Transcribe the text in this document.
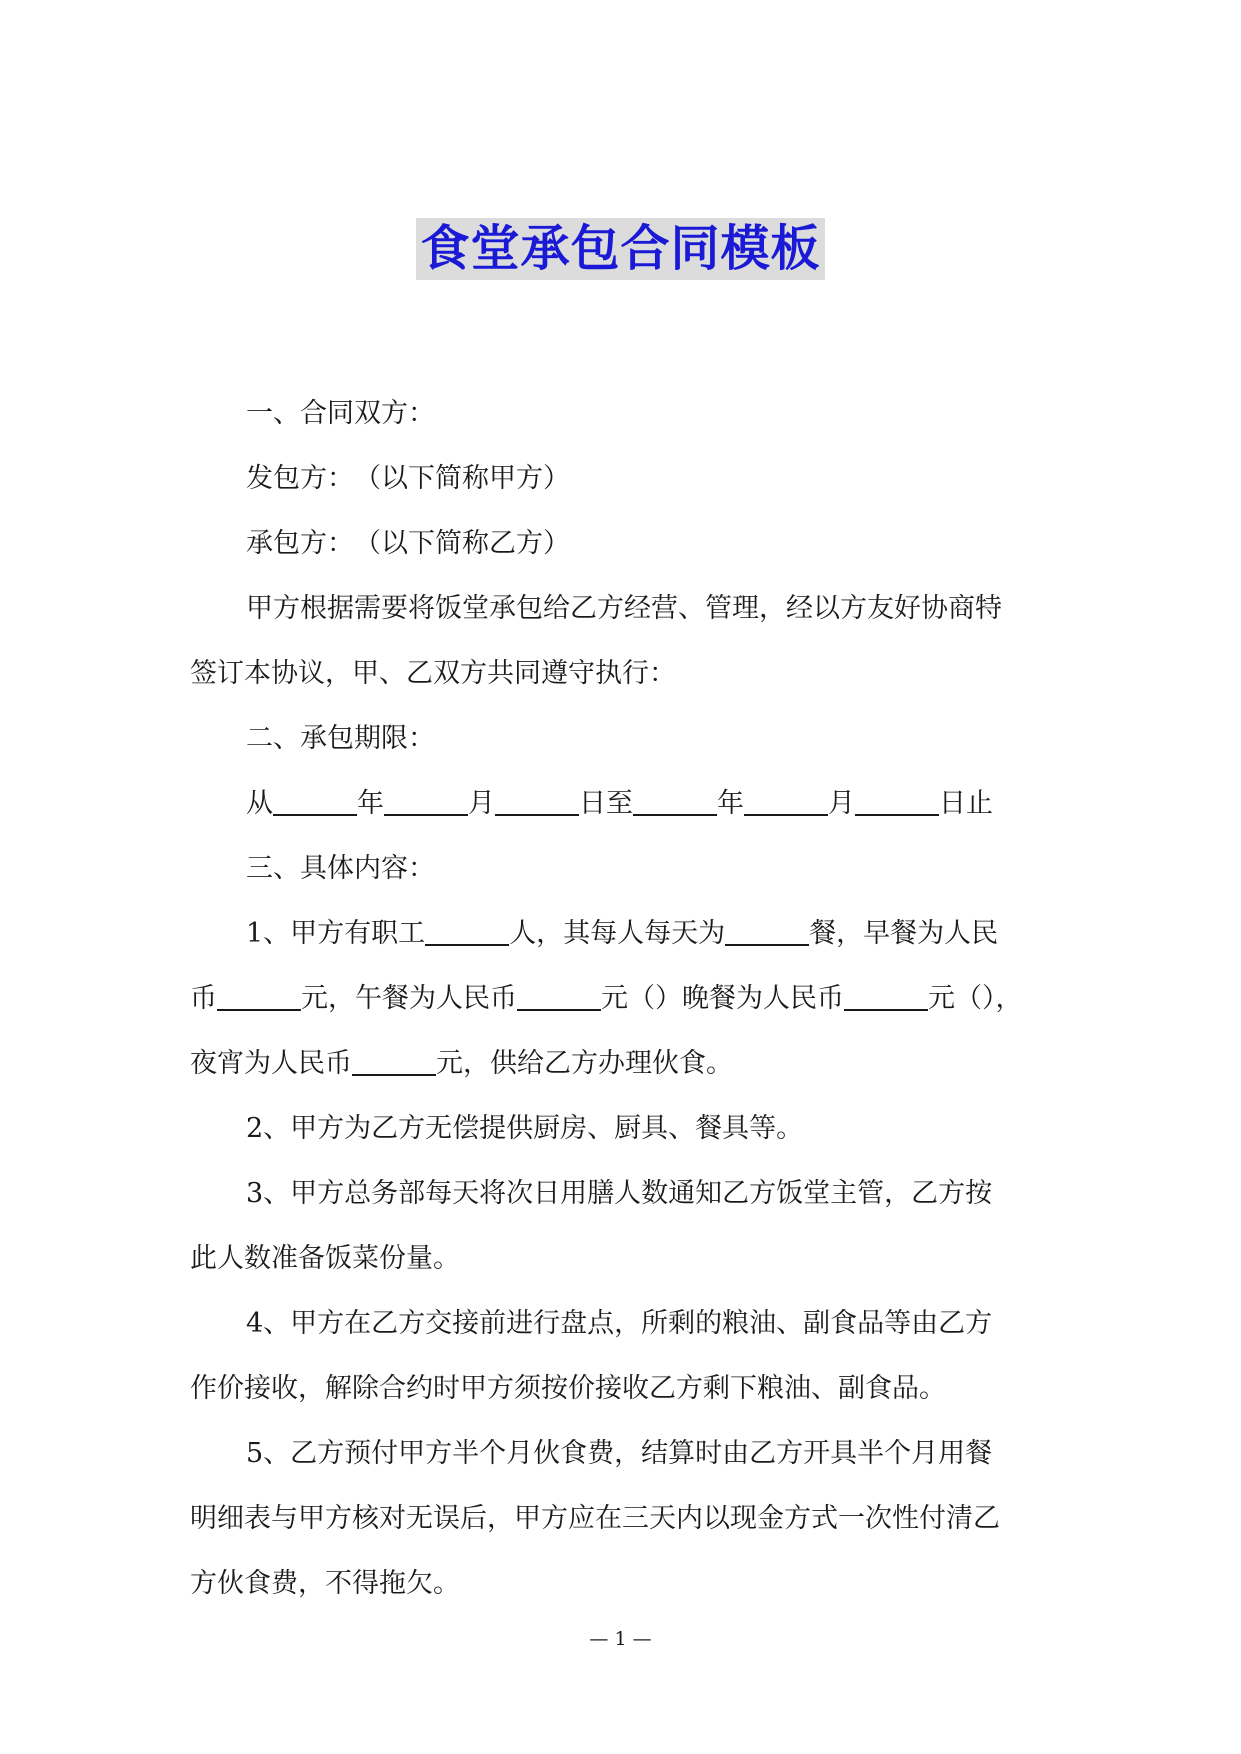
食堂承包合同模板

一、合同双方：

发包方：　（以下简称甲方）

承包方：　（以下简称乙方）

甲方根据需要将饭堂承包给乙方经营、管理，经以方友好协商特

签订本协议，甲、乙双方共同遵守执行：

二、承包期限：

从	年	月	日至	年	月	日止

三、具体内容：

1、甲方有职工	人，其每人每天为	餐，早餐为人民

币	元，午餐为人民币	元（）晚餐为人民币	元（），

夜宵为人民币	元，供给乙方办理伙食。

2、甲方为乙方无偿提供厨房、厨具、餐具等。

3、甲方总务部每天将次日用膳人数通知乙方饭堂主管，乙方按

此人数准备饭菜份量。

4、甲方在乙方交接前进行盘点，所剩的粮油、副食品等由乙方

作价接收，解除合约时甲方须按价接收乙方剩下粮油、副食品。

5、乙方预付甲方半个月伙食费，结算时由乙方开具半个月用餐

明细表与甲方核对无误后，甲方应在三天内以现金方式一次性付清乙

方伙食费，不得拖欠。

— 1 —
